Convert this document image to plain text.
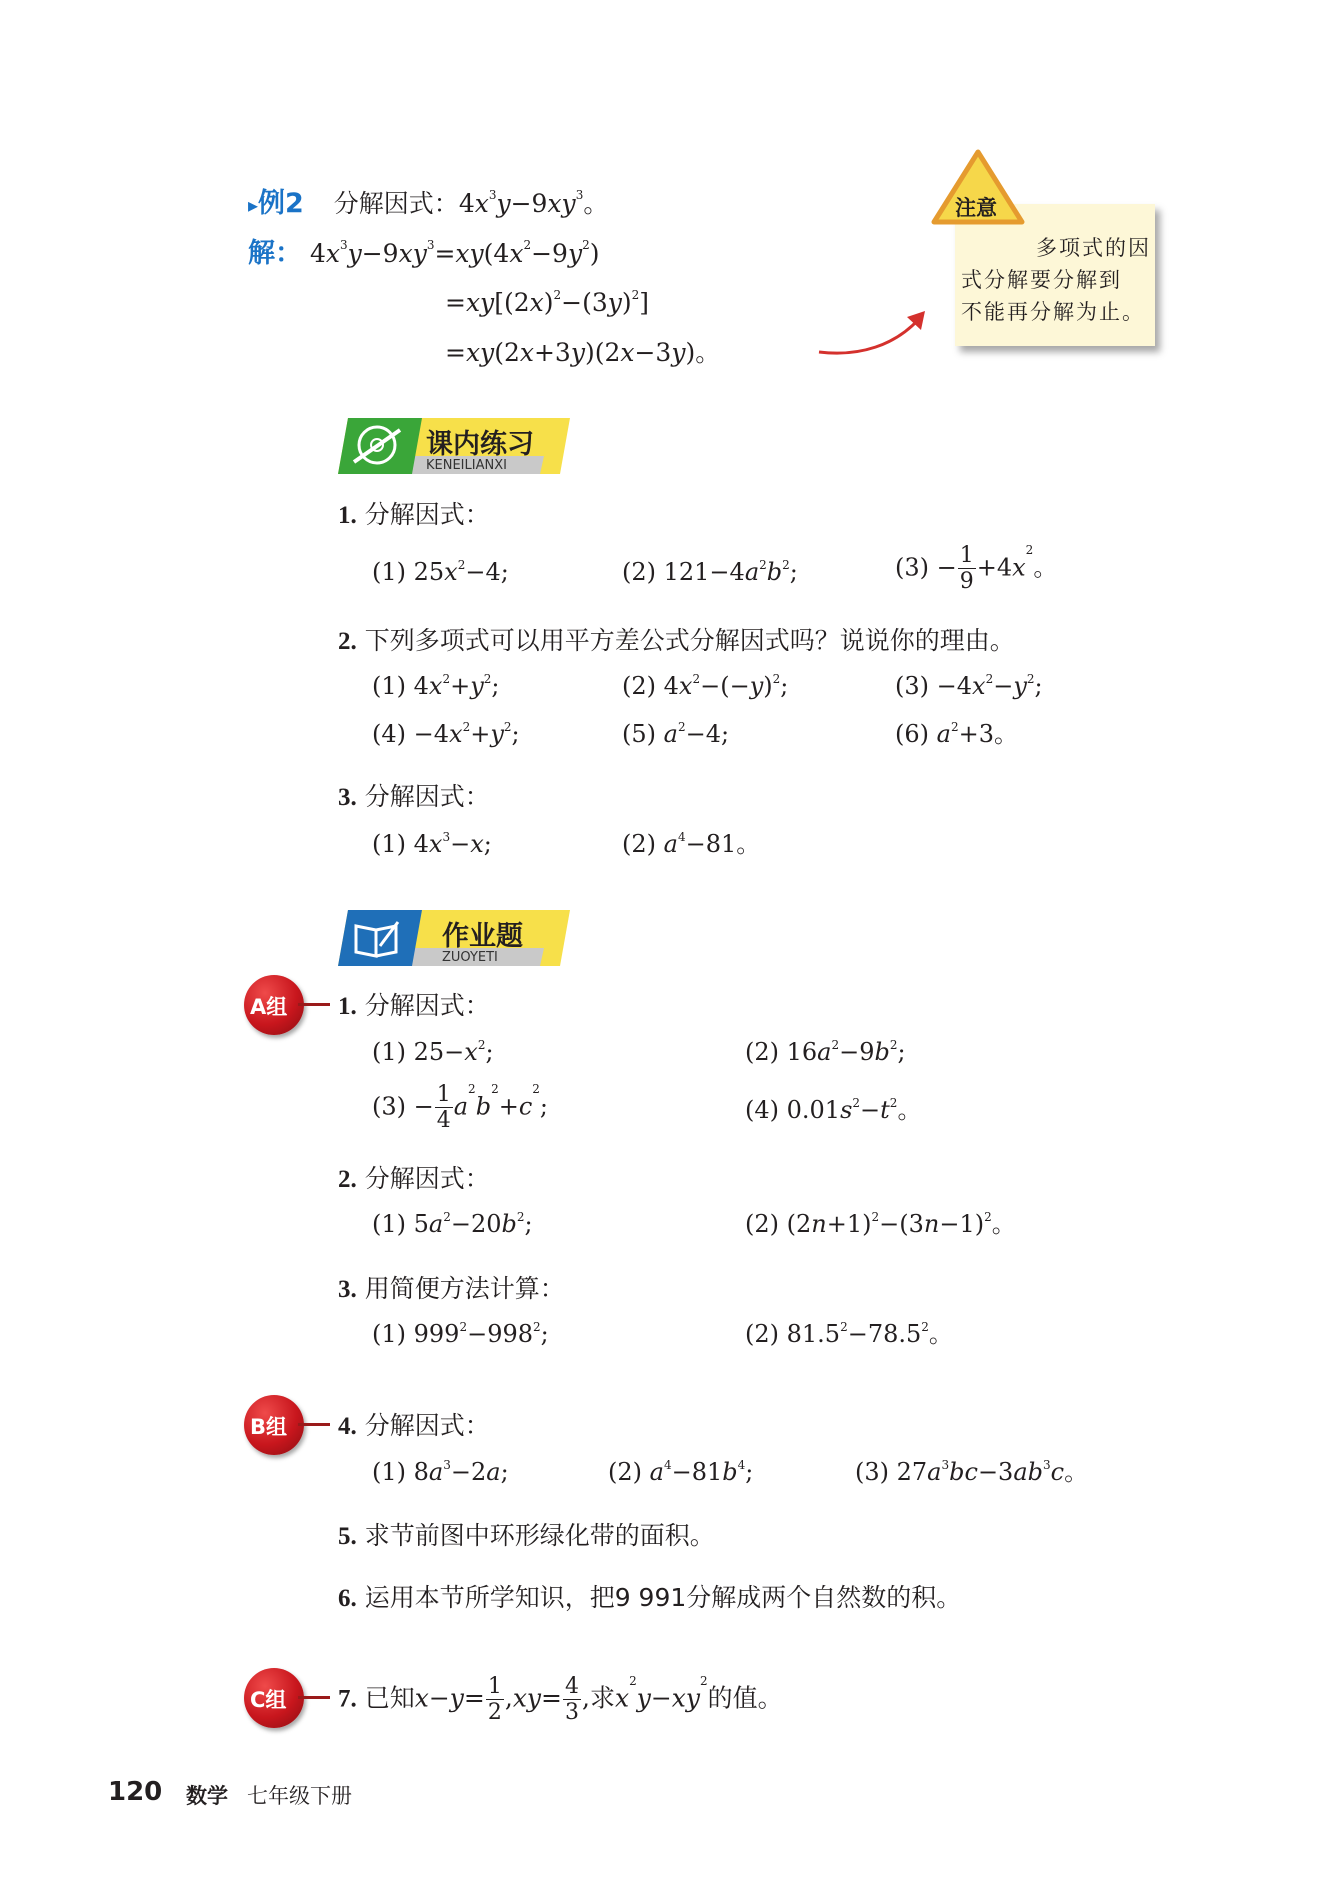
▸例2 分解因式：$4x^3y-9xy^3$。
解： $4x^3y-9xy^3=xy(4x^2-9y^2)$
$=xy[(2x)^2-(3y)^2]$
=xy(2x+3y)(2x−3y)。
多项式的因
式分解要分解到
不能再分解为止。
注意
课内练习
KENEILIANXI
1. 分解因式：
(1) $25x^2-4$;	(2) $121-4a^2b^2$;	$(3) - \frac{1}{9} +4x^2$。
2. 下列多项式可以用平方差公式分解因式吗？说说你的理由。
(1) $4x^2+y^2$;	(2) $4x^2-(-y)^2$;	$(3) -4x^2-y^2$;
$(4) -4x^2+y^2$;	(5) $a^2-4$;	(6) $a^2+3$。
3. 分解因式：
(1) $4x^3-x$;	(2) $a^4-81$。
作业题
ZUOYETI
A组 1. 分解因式：
(1) $25-x^2$;	(2) $16a^2-9b^2$;
$(3) - \frac{1}{4} a^2b^2+c^2$;	(4) $0.01s^2-t^2$。
2. 分解因式：
(1) $5a^2-20b^2$;	(2) $(2n+1)^2-(3n-1)^2$。
3. 用简便方法计算：
(1) $999^2-998^2$;	(2) $81.5^2-78.5^2$。
B组 4. 分解因式：
(1) $8a^3-2a$;	(2) $a^4-81b^4$;	(3) $27a^3bc-3ab^3c$。
5. 求节前图中环形绿化带的面积。
6. 运用本节所学知识，把9 991分解成两个自然数的积。
C组 7. 已知$x-y= \frac{1}{2} ,xy= \frac{4}{3}$ ,求$x^2y-xy^2$的值。
120 数学 七年级下册
